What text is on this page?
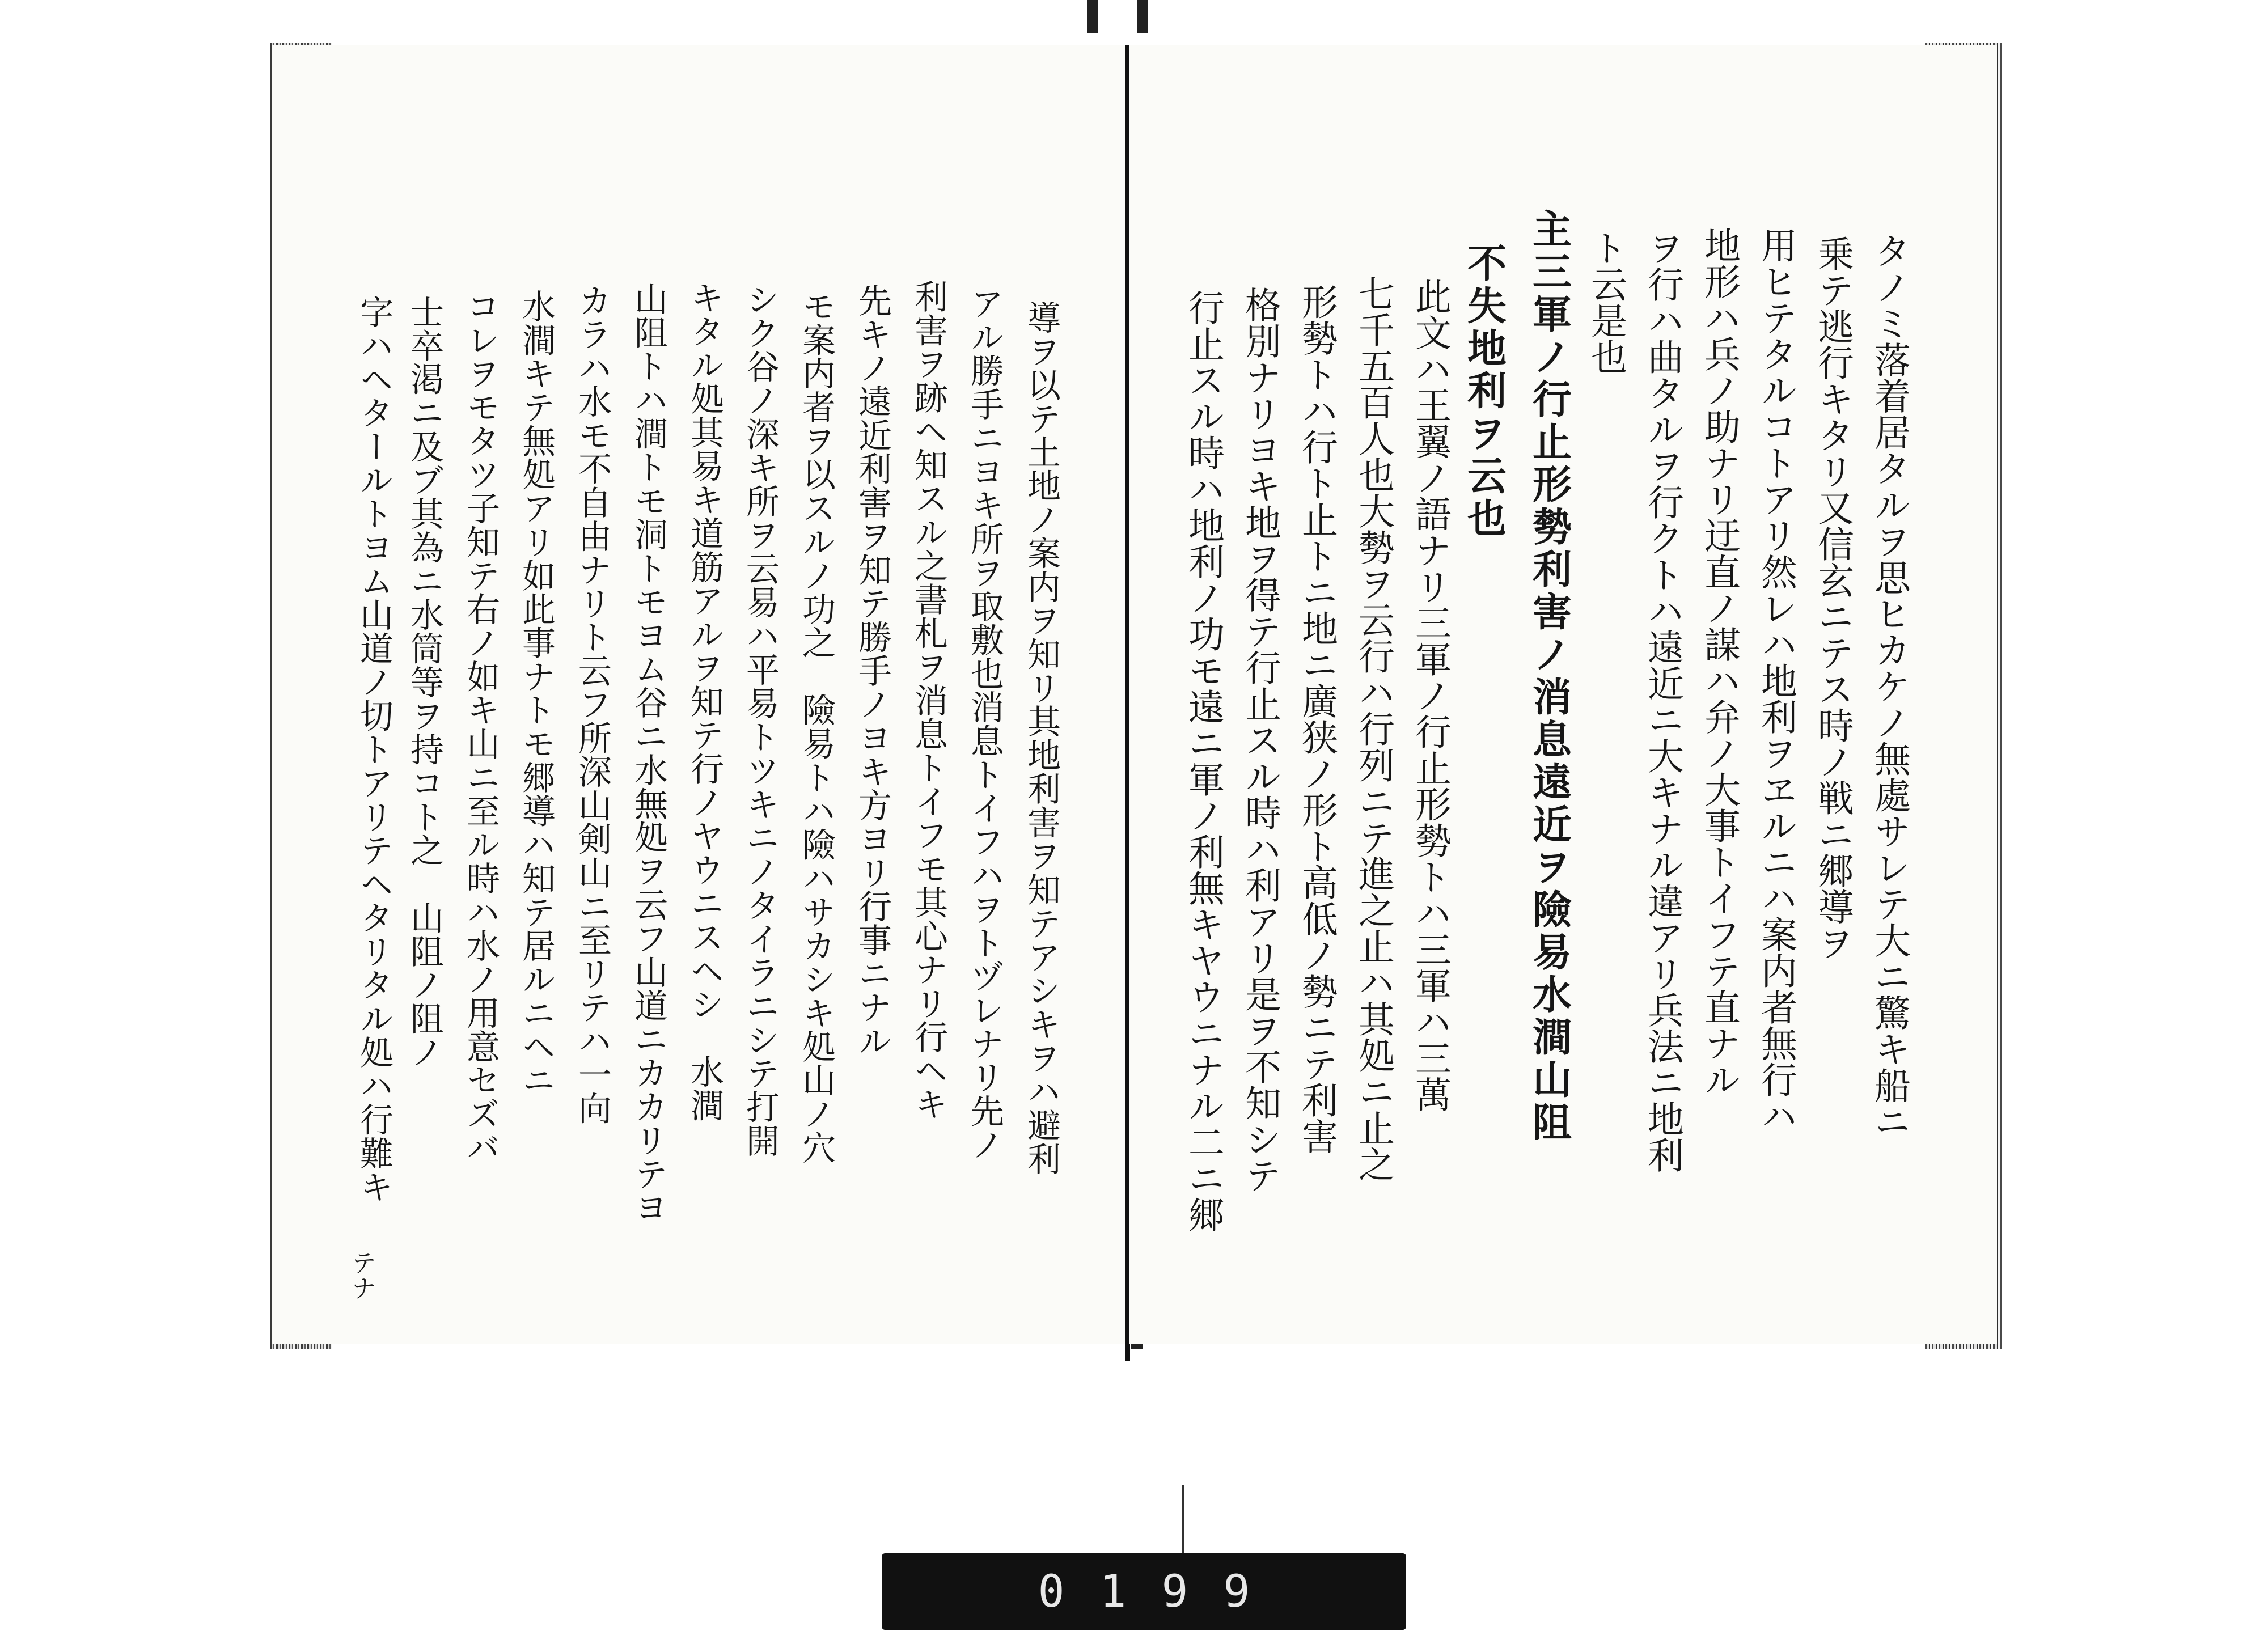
導ヲ以テ土地ノ案内ヲ知リ其地利害ヲ知テアシキヲハ避利
アル勝手ニヨキ所ヲ取敷也消息トイフハヲトヅレナリ先ノ
利害ヲ跡ヘ知スル之書札ヲ消息トイフモ其心ナリ行ヘキ
先キノ遠近利害ヲ知テ勝手ノヨキ方ヨリ行事ニナル
モ案内者ヲ以スルノ功之　險易トハ險ハサカシキ処山ノ穴
シク谷ノ深キ所ヲ云易ハ平易トツキニノタイラニシテ打開
キタル処其易キ道筋アルヲ知テ行ノヤウニスヘシ　水澗
山阻トハ澗トモ洞トモヨム谷ニ水無処ヲ云フ山道ニカカリテヨ
カラハ水モ不自由ナリト云フ所深山剣山ニ至リテハ一向
水澗キテ無処アリ如此事ナトモ郷導ハ知テ居ルニヘニ
コレヲモタツ子知テ右ノ如キ山ニ至ル時ハ水ノ用意セズバ
士卒渇ニ及ブ其為ニ水筒等ヲ持コト之　山阻ノ阻ノ
字ハヘタールトヨム山道ノ切トアリテヘタリタル処ハ行難キ
テナ
タノミ落着居タルヲ思ヒカケノ無處サレテ大ニ驚キ船ニ
乗テ逃行キタリ又信玄ニテス時ノ戦ニ郷導ヲ
用ヒテタルコトアリ然レハ地利ヲヱルニハ案内者無行ハ
地形ハ兵ノ助ナリ迂直ノ謀ハ弁ノ大事トイフテ直ナル
ヲ行ハ曲タルヲ行クトハ遠近ニ大キナル違アリ兵法ニ地利
ト云是也
主三軍ノ行止形勢利害ノ消息遠近ヲ險易水澗山阻
不失地利ヲ云也
此文ハ王翼ノ語ナリ三軍ノ行止形勢トハ三軍ハ三萬
七千五百人也大勢ヲ云行ハ行列ニテ進之止ハ其処ニ止之
形勢トハ行ト止トニ地ニ廣狭ノ形ト高低ノ勢ニテ利害
格別ナリヨキ地ヲ得テ行止スル時ハ利アリ是ヲ不知シテ
行止スル時ハ地利ノ功モ遠ニ軍ノ利無キヤウニナル二ニ郷
0199
